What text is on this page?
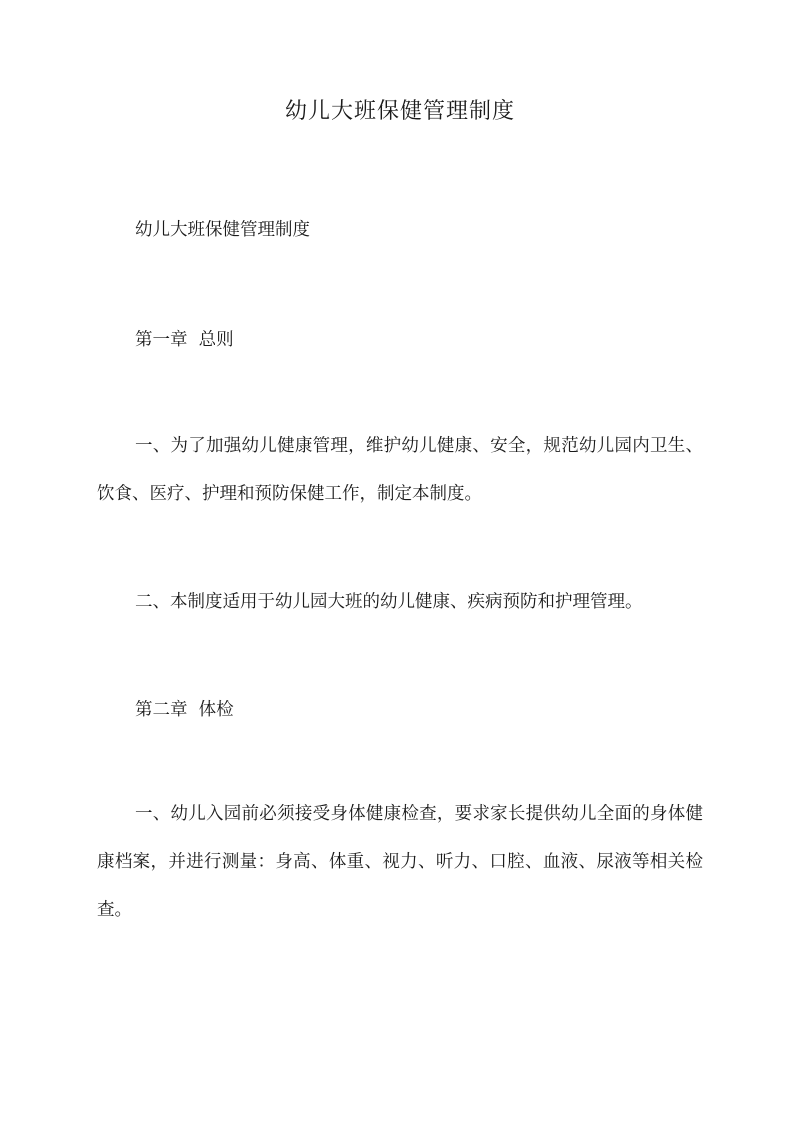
幼儿大班保健管理制度

幼儿大班保健管理制度

第一章  总则

一、为了加强幼儿健康管理，维护幼儿健康、安全，规范幼儿园内卫生、饮食、医疗、护理和预防保健工作，制定本制度。

二、本制度适用于幼儿园大班的幼儿健康、疾病预防和护理管理。

第二章  体检

一、幼儿入园前必须接受身体健康检查，要求家长提供幼儿全面的身体健康档案，并进行测量：身高、体重、视力、听力、口腔、血液、尿液等相关检查。
